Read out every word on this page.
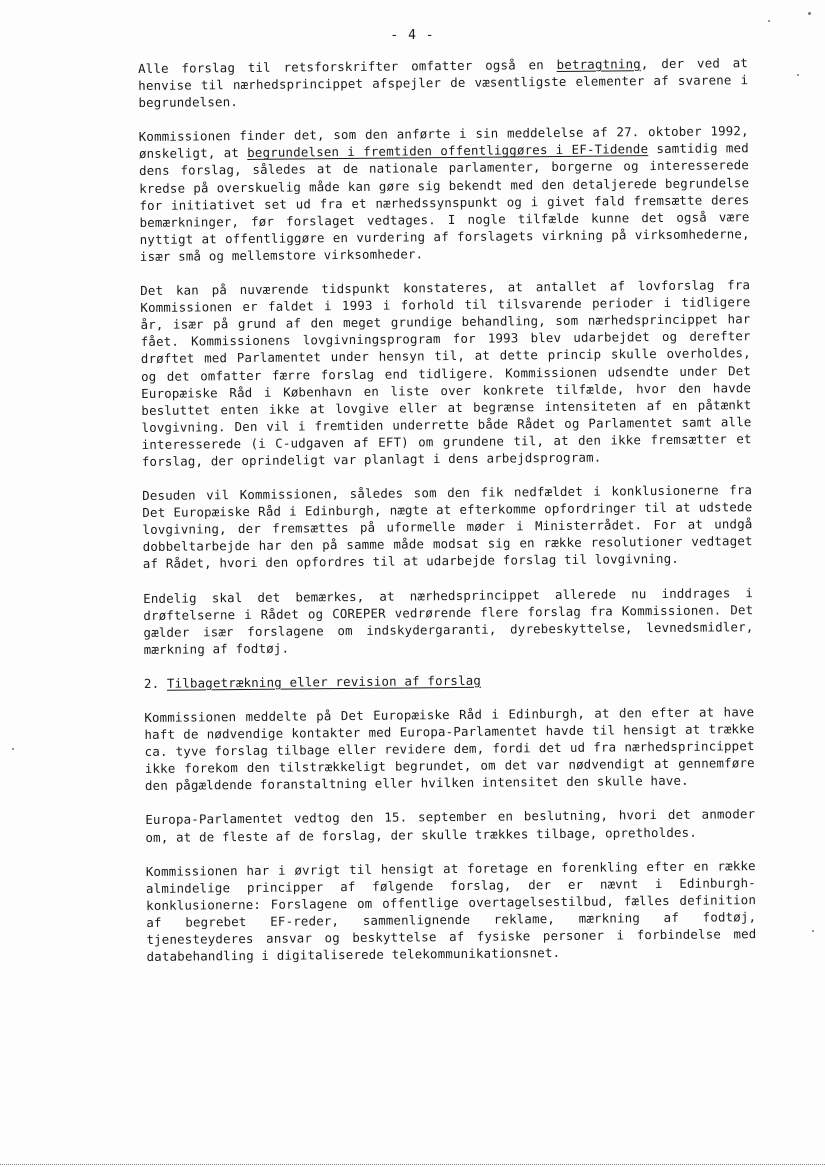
- 4 -

Alle forslag til retsforskrifter omfatter også en betragtning, der ved at henvise til nærhedsprincippet afspejler de væsentligste elementer af svarene i begrundelsen.

Kommissionen finder det, som den anførte i sin meddelelse af 27. oktober 1992, ønskeligt, at begrundelsen i fremtiden offentliggøres i EF-Tidende samtidig med dens forslag, således at de nationale parlamenter, borgerne og interesserede kredse på overskuelig måde kan gøre sig bekendt med den detaljerede begrundelse for initiativet set ud fra et nærhedssynspunkt og i givet fald fremsætte deres bemærkninger, før forslaget vedtages. I nogle tilfælde kunne det også være nyttigt at offentliggøre en vurdering af forslagets virkning på virksomhederne, især små og mellemstore virksomheder.

Det kan på nuværende tidspunkt konstateres, at antallet af lovforslag fra Kommissionen er faldet i 1993 i forhold til tilsvarende perioder i tidligere år, især på grund af den meget grundige behandling, som nærhedsprincippet har fået. Kommissionens lovgivningsprogram for 1993 blev udarbejdet og derefter drøftet med Parlamentet under hensyn til, at dette princip skulle overholdes, og det omfatter færre forslag end tidligere. Kommissionen udsendte under Det Europæiske Råd i København en liste over konkrete tilfælde, hvor den havde besluttet enten ikke at lovgive eller at begrænse intensiteten af en påtænkt lovgivning. Den vil i fremtiden underrette både Rådet og Parlamentet samt alle interesserede (i C-udgaven af EFT) om grundene til, at den ikke fremsætter et forslag, der oprindeligt var planlagt i dens arbejdsprogram.

Desuden vil Kommissionen, således som den fik nedfældet i konklusionerne fra Det Europæiske Råd i Edinburgh, nægte at efterkomme opfordringer til at udstede lovgivning, der fremsættes på uformelle møder i Ministerrådet. For at undgå dobbeltarbejde har den på samme måde modsat sig en række resolutioner vedtaget af Rådet, hvori den opfordres til at udarbejde forslag til lovgivning.

Endelig skal det bemærkes, at nærhedsprincippet allerede nu inddrages i drøftelserne i Rådet og COREPER vedrørende flere forslag fra Kommissionen. Det gælder især forslagene om indskydergaranti, dyrebeskyttelse, levnedsmidler, mærkning af fodtøj.

2. Tilbagetrækning eller revision af forslag

Kommissionen meddelte på Det Europæiske Råd i Edinburgh, at den efter at have haft de nødvendige kontakter med Europa-Parlamentet havde til hensigt at trække ca. tyve forslag tilbage eller revidere dem, fordi det ud fra nærhedsprincippet ikke forekom den tilstrækkeligt begrundet, om det var nødvendigt at gennemføre den pågældende foranstaltning eller hvilken intensitet den skulle have.

Europa-Parlamentet vedtog den 15. september en beslutning, hvori det anmoder om, at de fleste af de forslag, der skulle trækkes tilbage, opretholdes.

Kommissionen har i øvrigt til hensigt at foretage en forenkling efter en række almindelige principper af følgende forslag, der er nævnt i Edinburgh-konklusionerne: Forslagene om offentlige overtagelsestilbud, fælles definition af begrebet EF-reder, sammenlignende reklame, mærkning af fodtøj, tjenesteyderes ansvar og beskyttelse af fysiske personer i forbindelse med databehandling i digitaliserede telekommunikationsnet.
